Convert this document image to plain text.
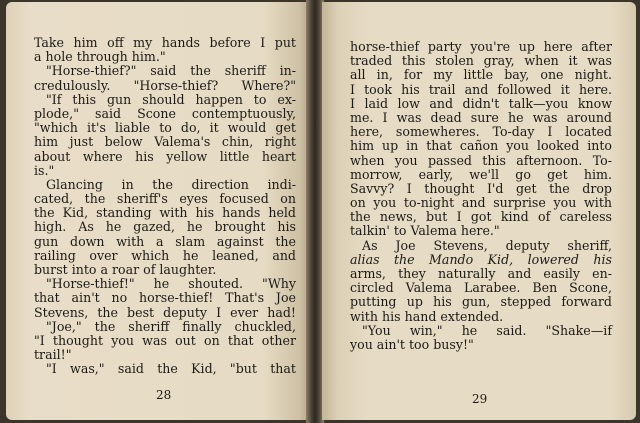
Take him off my hands before I put
a hole through him."
"Horse-thief?" said the sheriff in-
credulously. "Horse-thief? Where?"
"If this gun should happen to ex-
plode," said Scone contemptuously,
"which it's liable to do, it would get
him just below Valema's chin, right
about where his yellow little heart
is."
Glancing in the direction indi-
cated, the sheriff's eyes focused on
the Kid, standing with his hands held
high. As he gazed, he brought his
gun down with a slam against the
railing over which he leaned, and
burst into a roar of laughter.
"Horse-thief!" he shouted. "Why
that ain't no horse-thief! That's Joe
Stevens, the best deputy I ever had!
"Joe," the sheriff finally chuckled,
"I thought you was out on that other
trail!"
"I was," said the Kid, "but that
28
horse-thief party you're up here after
traded this stolen gray, when it was
all in, for my little bay, one night.
I took his trail and followed it here.
I laid low and didn't talk—you know
me. I was dead sure he was around
here, somewheres. To-day I located
him up in that cañon you looked into
when you passed this afternoon. To-
morrow, early, we'll go get him.
Savvy? I thought I'd get the drop
on you to-night and surprise you with
the news, but I got kind of careless
talkin' to Valema here."
As Joe Stevens, deputy sheriff,
alias the Mando Kid, lowered his
arms, they naturally and easily en-
circled Valema Larabee. Ben Scone,
putting up his gun, stepped forward
with his hand extended.
"You win," he said. "Shake—if
you ain't too busy!"
29
